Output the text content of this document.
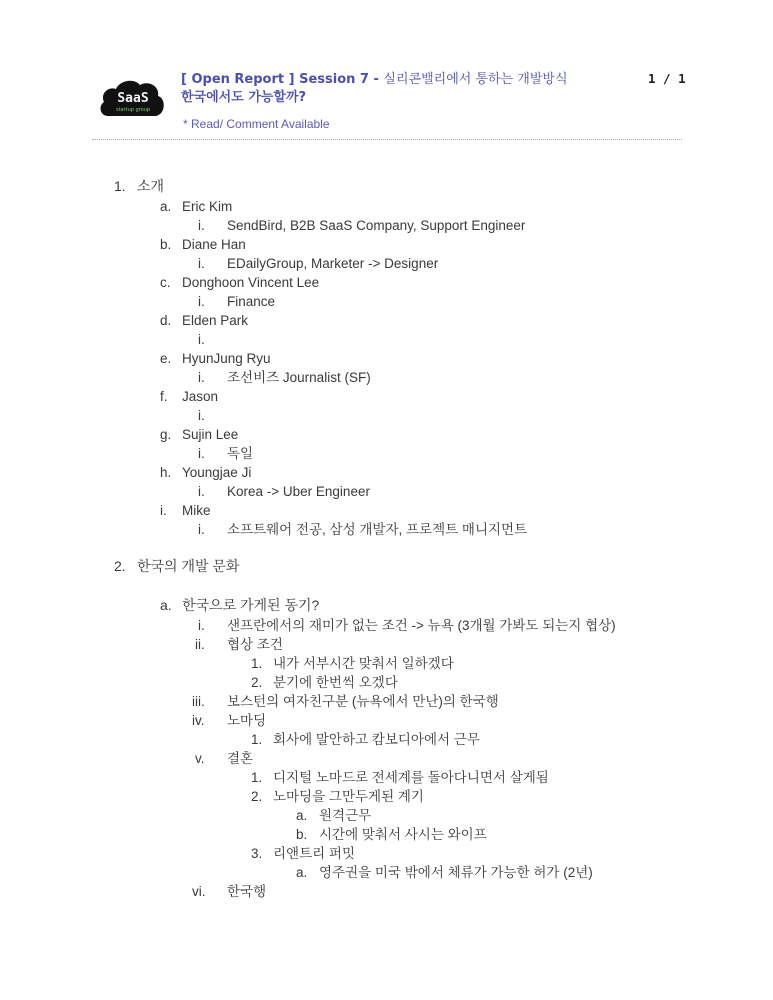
SaaS
startup group
[ Open Report ] Session 7 - 실리콘밸리에서 통하는 개발방식
한국에서도 가능할까?
1 / 1
* Read/ Comment Available
1. 소개
a. Eric Kim
i. SendBird, B2B SaaS Company, Support Engineer
b. Diane Han
i. EDailyGroup, Marketer -> Designer
c. Donghoon Vincent Lee
i. Finance
d. Elden Park
i.
e. HyunJung Ryu
i. 조선비즈 Journalist (SF)
f. Jason
i.
g. Sujin Lee
i. 독일
h. Youngjae Ji
i. Korea -> Uber Engineer
i. Mike
i. 소프트웨어 전공, 삼성 개발자, 프로젝트 매니지먼트
2. 한국의 개발 문화
a. 한국으로 가게된 동기?
i. 샌프란에서의 재미가 없는 조건 -> 뉴욕 (3개월 가봐도 되는지 협상)
ii. 협상 조건
1. 내가 서부시간 맞춰서 일하겠다
2. 분기에 한번씩 오겠다
iii. 보스턴의 여자친구분 (뉴욕에서 만난)의 한국행
iv. 노마딩
1. 회사에 말안하고 캄보디아에서 근무
v. 결혼
1. 디지털 노마드로 전세계를 돌아다니면서 살게됨
2. 노마딩을 그만두게된 계기
a. 원격근무
b. 시간에 맞춰서 사시는 와이프
3. 리앤트리 퍼밋
a. 영주권을 미국 밖에서 체류가 가능한 허가 (2년)
vi. 한국행
